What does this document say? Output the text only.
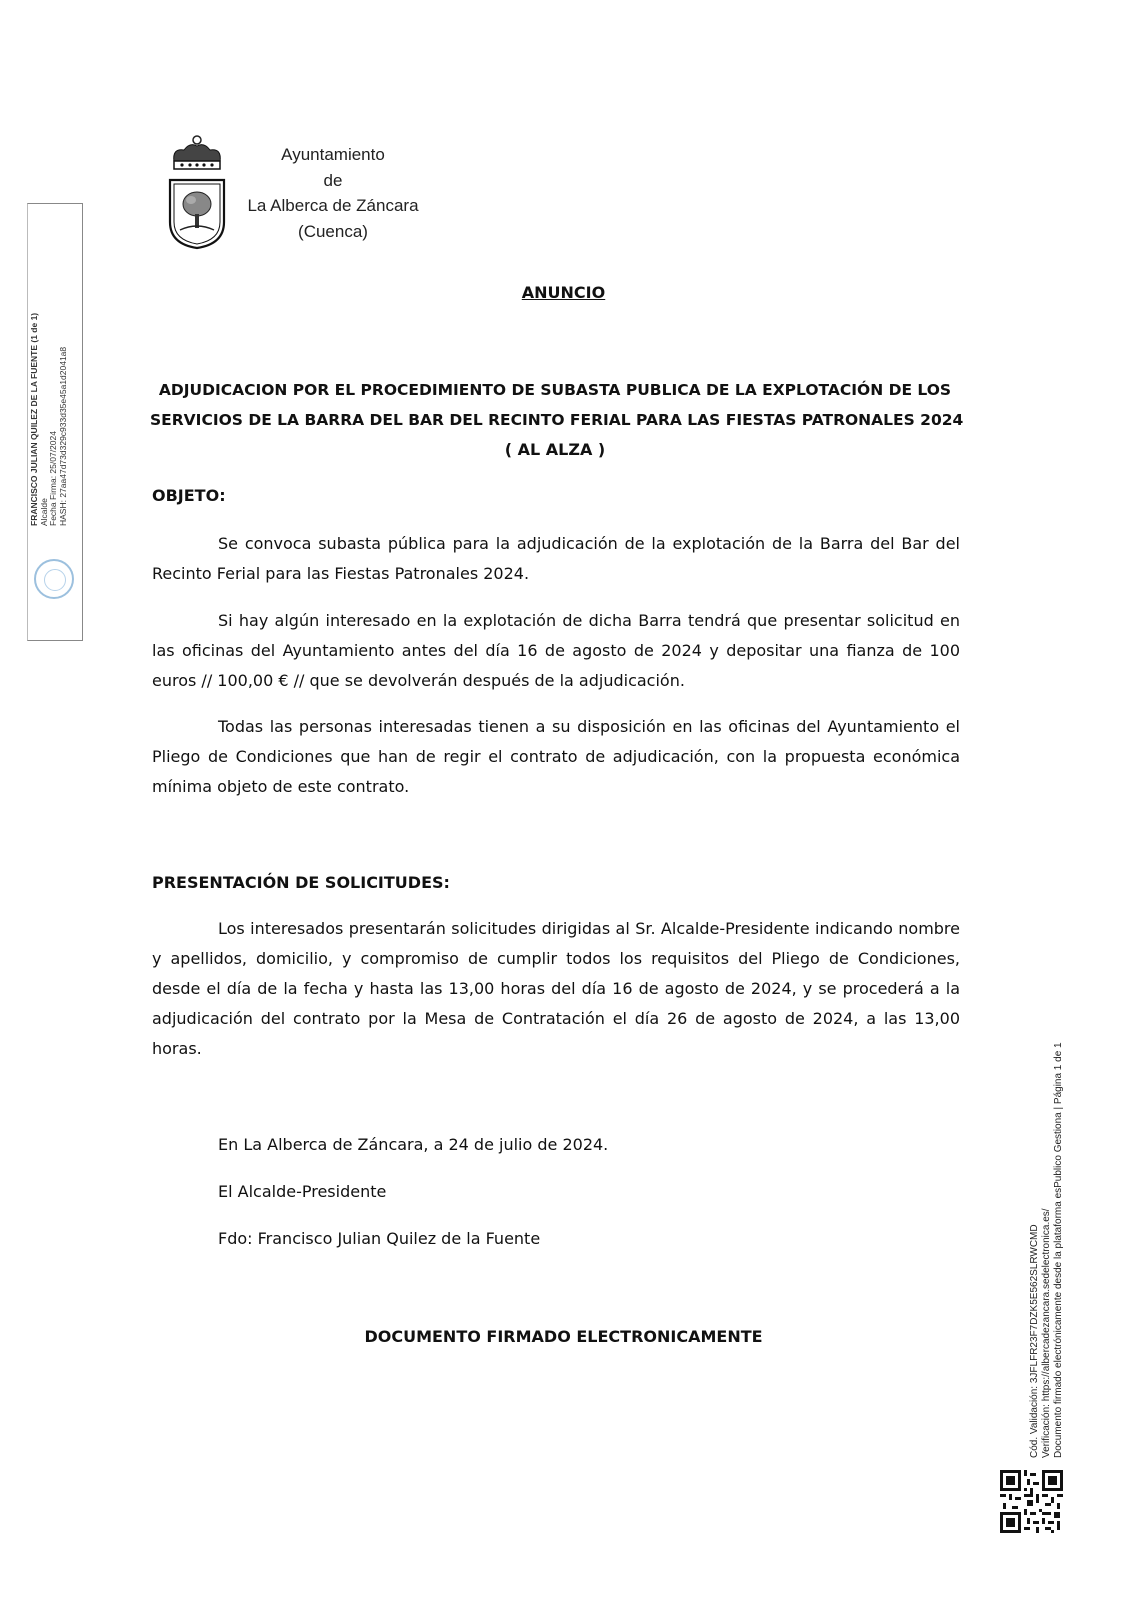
Ayuntamiento
de
La Alberca de Záncara
(Cuenca)
ANUNCIO
ADJUDICACION POR EL PROCEDIMIENTO DE SUBASTA PUBLICA DE LA EXPLOTACIÓN DE LOS
SERVICIOS DE LA BARRA DEL BAR DEL RECINTO FERIAL PARA LAS FIESTAS PATRONALES 2024
( AL ALZA )
OBJETO:
Se convoca subasta pública para la adjudicación de la explotación de la Barra del Bar del Recinto Ferial para las Fiestas Patronales 2024.
Si hay algún interesado en la explotación de dicha Barra tendrá que presentar solicitud en las oficinas del Ayuntamiento antes del día 16 de agosto de 2024 y depositar una fianza de 100 euros // 100,00 € // que se devolverán después de la adjudicación.
Todas las personas interesadas tienen a su disposición en las oficinas del Ayuntamiento el Pliego de Condiciones que han de regir el contrato de adjudicación, con la propuesta económica mínima objeto de este contrato.
PRESENTACIÓN DE SOLICITUDES:
Los interesados presentarán solicitudes dirigidas al Sr. Alcalde-Presidente indicando nombre y apellidos, domicilio, y compromiso de cumplir todos los requisitos del Pliego de Condiciones, desde el día de la fecha y hasta las 13,00 horas del día 16 de agosto de 2024, y se procederá a la adjudicación del contrato por la Mesa de Contratación el día 26 de agosto de 2024, a las 13,00 horas.
En La Alberca de Záncara, a 24 de julio de 2024.
El Alcalde-Presidente
Fdo: Francisco Julian Quilez de la Fuente
DOCUMENTO FIRMADO ELECTRONICAMENTE
FRANCISCO JULIAN QUILEZ DE LA FUENTE (1 de 1) Alcalde Fecha Firma: 25/07/2024 HASH: 27aa47d73d329c933d35e45a1d2041a8
Cód. Validación: 3JFLFR23F7DZK5E562SLRWCMD Verificación: https://albercadezancara.sedelectronica.es/ Documento firmado electrónicamente desde la plataforma esPublico Gestiona | Página 1 de 1
